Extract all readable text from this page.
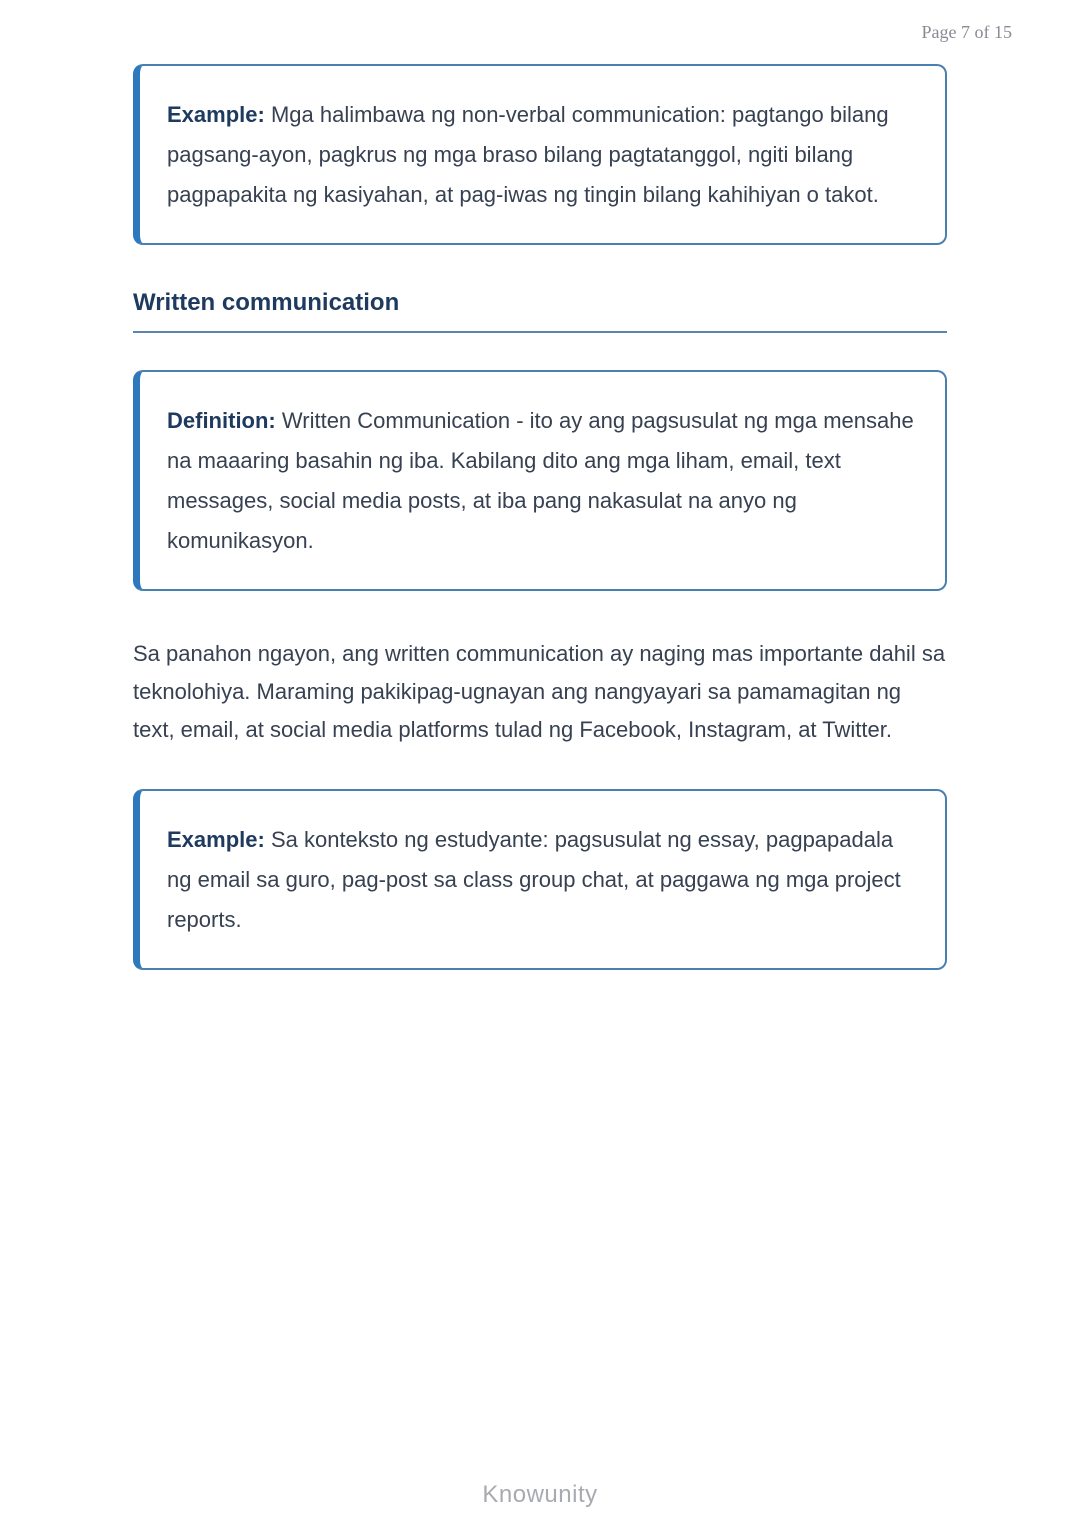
Page 7 of 15
Example: Mga halimbawa ng non-verbal communication: pagtango bilang pagsang-ayon, pagkrus ng mga braso bilang pagtatanggol, ngiti bilang pagpapakita ng kasiyahan, at pag-iwas ng tingin bilang kahihiyan o takot.
Written communication
Definition: Written Communication - ito ay ang pagsusulat ng mga mensahe na maaaring basahin ng iba. Kabilang dito ang mga liham, email, text messages, social media posts, at iba pang nakasulat na anyo ng komunikasyon.

Sa panahon ngayon, ang written communication ay naging mas importante dahil sa teknolohiya. Maraming pakikipag-ugnayan ang nangyayari sa pamamagitan ng text, email, at social media platforms tulad ng Facebook, Instagram, at Twitter.

Example: Sa konteksto ng estudyante: pagsusulat ng essay, pagpapadala ng email sa guro, pag-post sa class group chat, at paggawa ng mga project reports.
Knowunity
